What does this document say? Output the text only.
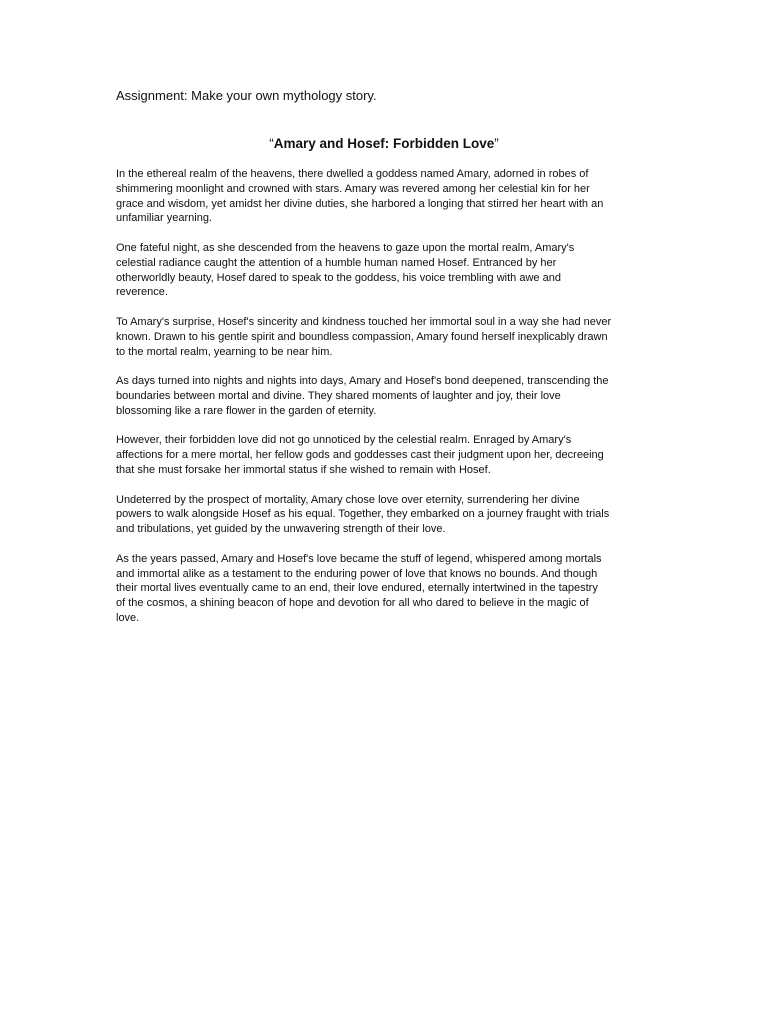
Assignment: Make your own mythology story.
“Amary and Hosef: Forbidden Love”
In the ethereal realm of the heavens, there dwelled a goddess named Amary, adorned in robes of
shimmering moonlight and crowned with stars. Amary was revered among her celestial kin for her
grace and wisdom, yet amidst her divine duties, she harbored a longing that stirred her heart with an
unfamiliar yearning.
One fateful night, as she descended from the heavens to gaze upon the mortal realm, Amary's
celestial radiance caught the attention of a humble human named Hosef. Entranced by her
otherworldly beauty, Hosef dared to speak to the goddess, his voice trembling with awe and
reverence.
To Amary's surprise, Hosef's sincerity and kindness touched her immortal soul in a way she had never
known. Drawn to his gentle spirit and boundless compassion, Amary found herself inexplicably drawn
to the mortal realm, yearning to be near him.
As days turned into nights and nights into days, Amary and Hosef's bond deepened, transcending the
boundaries between mortal and divine. They shared moments of laughter and joy, their love
blossoming like a rare flower in the garden of eternity.
However, their forbidden love did not go unnoticed by the celestial realm. Enraged by Amary's
affections for a mere mortal, her fellow gods and goddesses cast their judgment upon her, decreeing
that she must forsake her immortal status if she wished to remain with Hosef.
Undeterred by the prospect of mortality, Amary chose love over eternity, surrendering her divine
powers to walk alongside Hosef as his equal. Together, they embarked on a journey fraught with trials
and tribulations, yet guided by the unwavering strength of their love.
As the years passed, Amary and Hosef's love became the stuff of legend, whispered among mortals
and immortal alike as a testament to the enduring power of love that knows no bounds. And though
their mortal lives eventually came to an end, their love endured, eternally intertwined in the tapestry
of the cosmos, a shining beacon of hope and devotion for all who dared to believe in the magic of
love.
